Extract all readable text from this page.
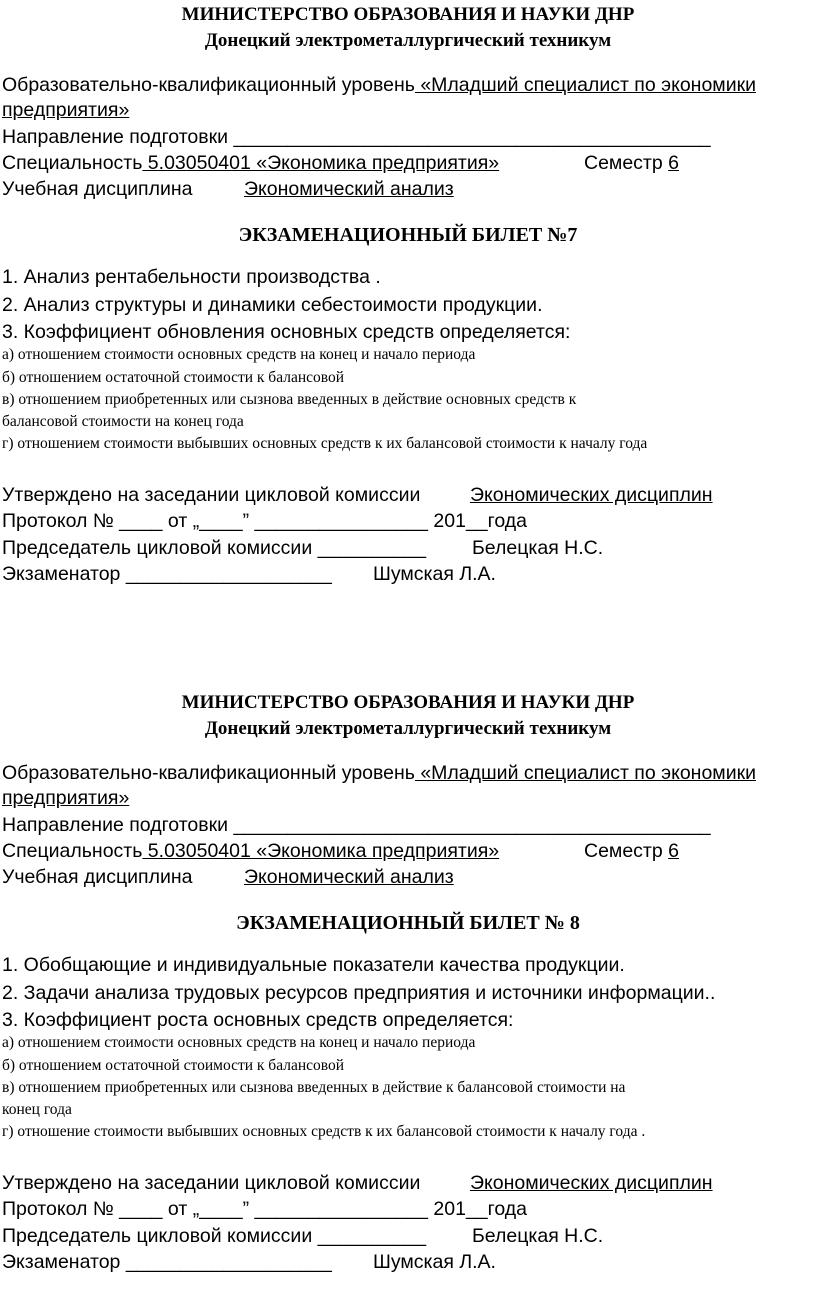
МИНИСТЕРСТВО ОБРАЗОВАНИЯ И НАУКИ ДНР
Донецкий электрометаллургический техникум
Образовательно-квалификационный уровень «Младший специалист по экономики
предприятия»
Направление подготовки ____________________________________________
Специальность 5.03050401 «Экономика предприятия»	Семестр 6
Учебная дисциплина	Экономический анализ
ЭКЗАМЕНАЦИОННЫЙ БИЛЕТ №7
1. Анализ рентабельности производства .
2. Анализ структуры и динамики себестоимости продукции.
3. Коэффициент обновления основных средств определяется:
а) отношением стоимости основных средств на конец и начало периода
б) отношением остаточной стоимости к балансовой
в) отношением приобретенных или сызнова введенных в действие основных средств к
балансовой стоимости на конец года
г) отношением стоимости выбывших основных средств к их балансовой стоимости к началу года
Утверждено на заседании цикловой комиссии	Экономических дисциплин
Протокол № ____ от „____” ________________ 201__года
Председатель цикловой комиссии __________ Белецкая Н.С.
Экзаменатор ___________________ Шумская Л.А.
МИНИСТЕРСТВО ОБРАЗОВАНИЯ И НАУКИ ДНР
Донецкий электрометаллургический техникум
Образовательно-квалификационный уровень «Младший специалист по экономики
предприятия»
Направление подготовки ____________________________________________
Специальность 5.03050401 «Экономика предприятия»	Семестр 6
Учебная дисциплина	Экономический анализ
ЭКЗАМЕНАЦИОННЫЙ БИЛЕТ № 8
1. Обобщающие и индивидуальные показатели качества продукции.
2. Задачи анализа трудовых ресурсов предприятия и источники информации..
3. Коэффициент роста основных средств определяется:
а) отношением стоимости основных средств на конец и начало периода
б) отношением остаточной стоимости к балансовой
в) отношением приобретенных или сызнова введенных в действие к балансовой стоимости на
конец года
г) отношение стоимости выбывших основных средств к их балансовой стоимости к началу года .
Утверждено на заседании цикловой комиссии	Экономических дисциплин
Протокол № ____ от „____” ________________ 201__года
Председатель цикловой комиссии __________ Белецкая Н.С.
Экзаменатор ___________________ Шумская Л.А.
